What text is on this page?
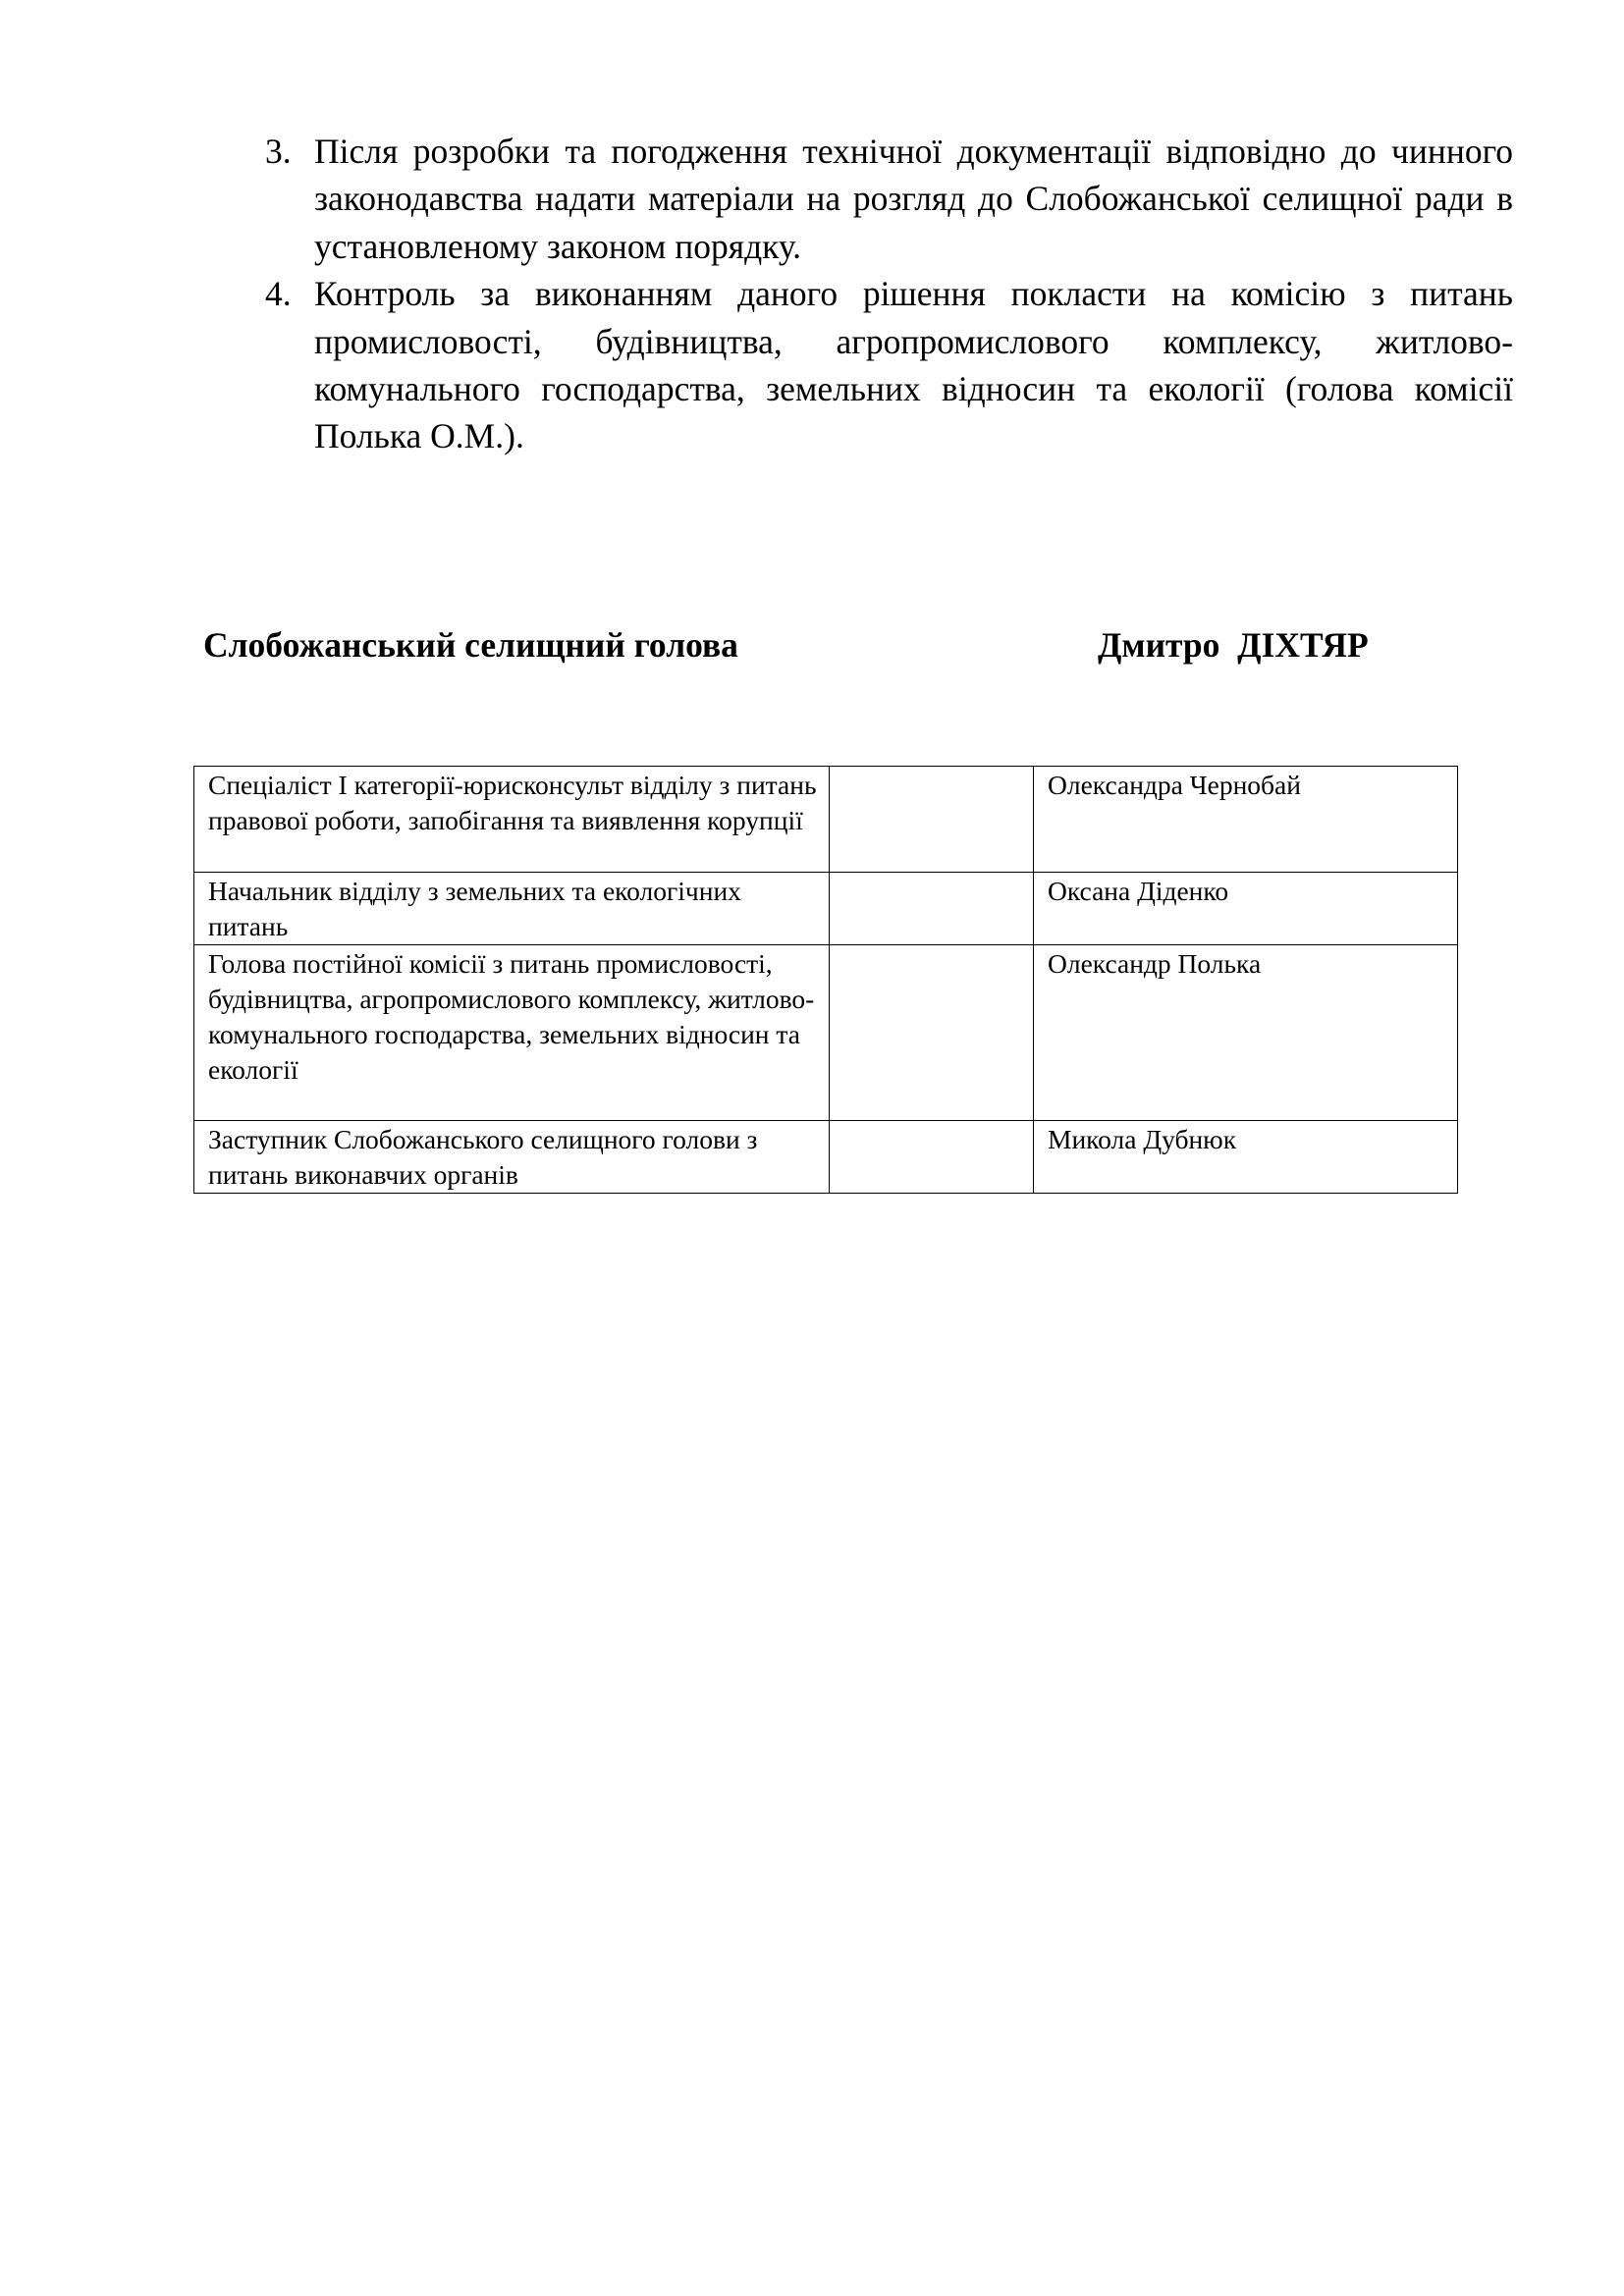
3. Після розробки та погодження технічної документації відповідно до чинного законодавства надати матеріали на розгляд до Слобожанської селищної ради в установленому законом порядку.
4. Контроль за виконанням даного рішення покласти на комісію з питань промисловості, будівництва, агропромислового комплексу, житлово-комунального господарства, земельних відносин та екології (голова комісії Полька О.М.).
Слобожанський селищний голова	Дмитро  ДІХТЯР
Спеціаліст І категорії-юрисконсульт відділу з питань правової роботи, запобігання та виявлення корупції		Олександра Чернобай
Начальник відділу з земельних та екологічних питань		Оксана Діденко
Голова постійної комісії з питань промисловості, будівництва, агропромислового комплексу, житлово-комунального господарства, земельних відносин та екології		Олександр Полька
Заступник Слобожанського селищного голови з питань виконавчих органів		Микола Дубнюк
